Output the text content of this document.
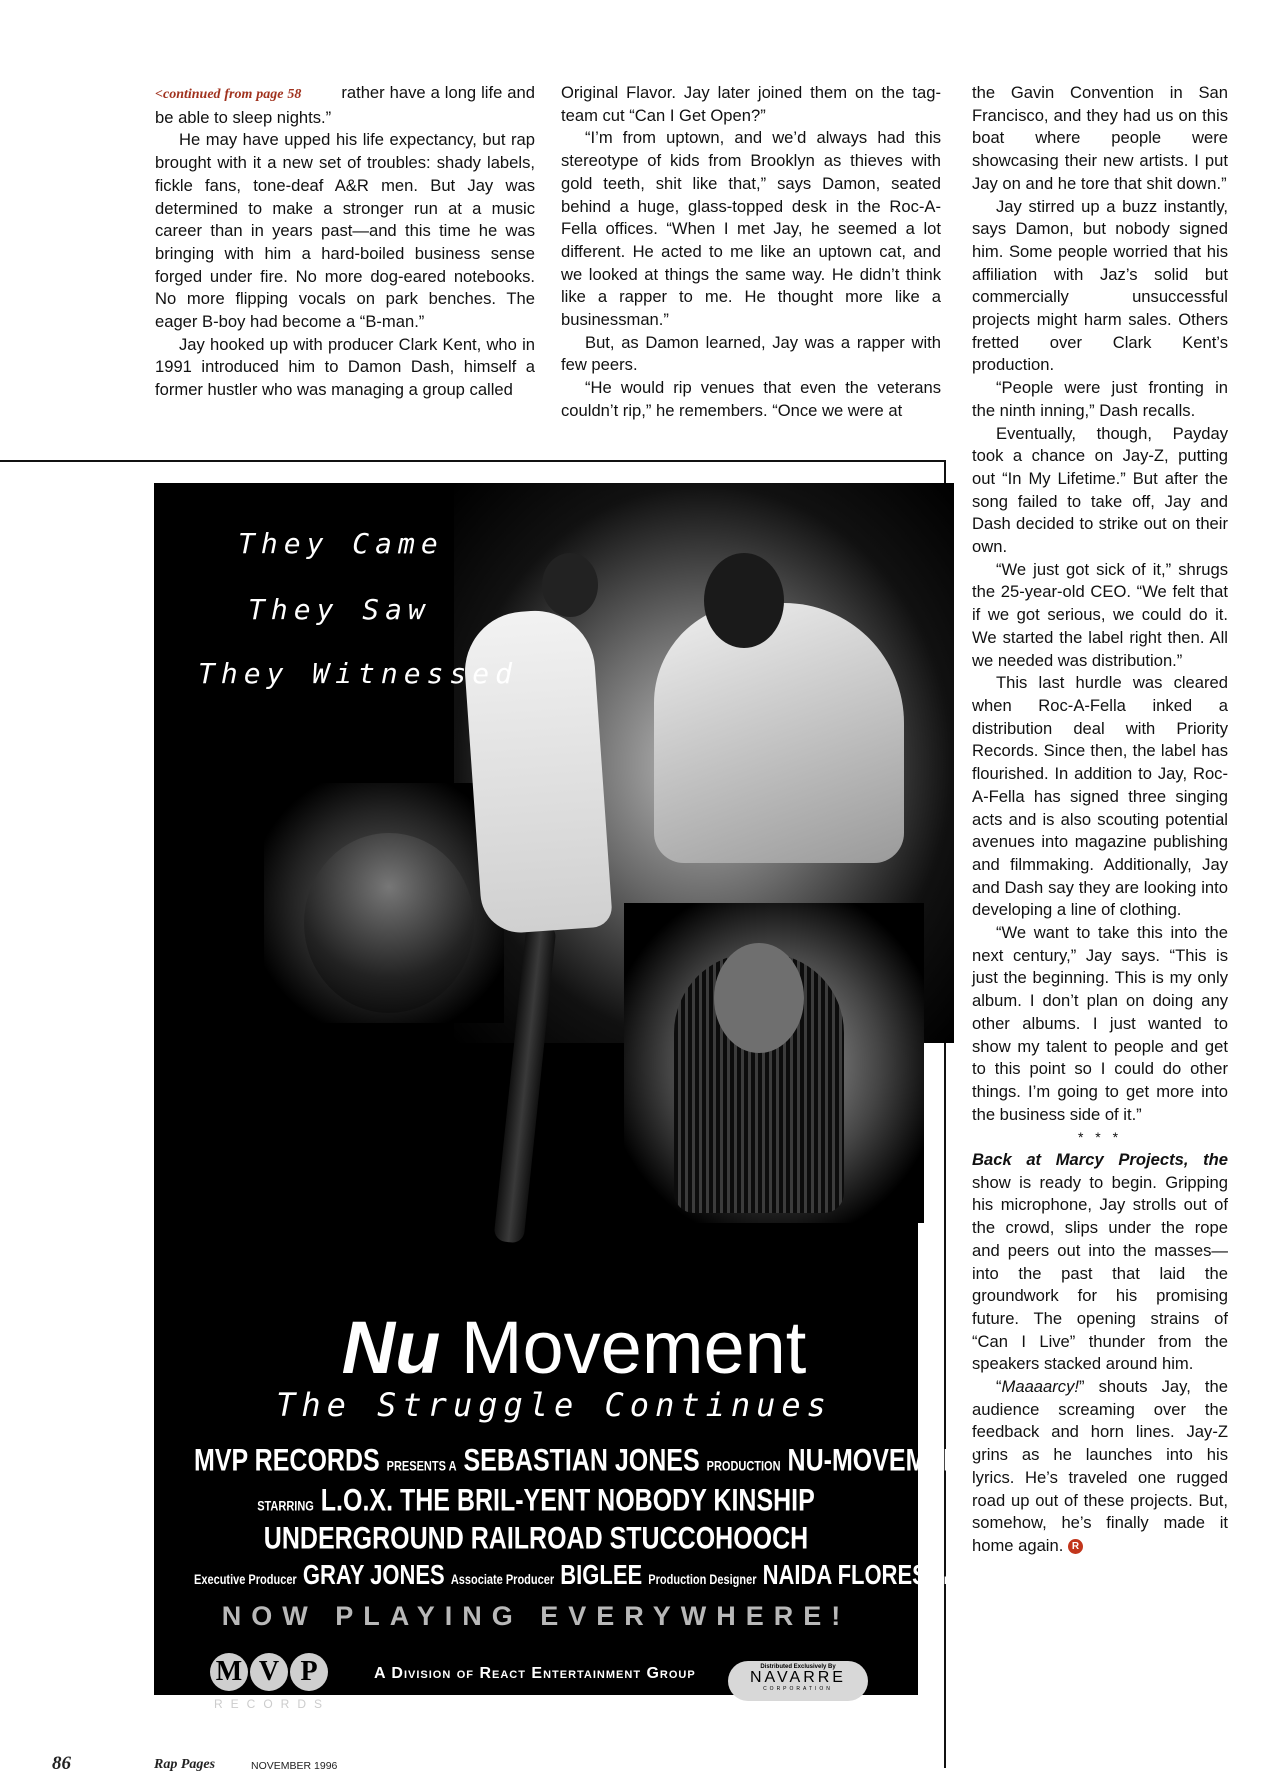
<continued from page 58 rather have a long life and be able to sleep nights.”

He may have upped his life expectancy, but rap brought with it a new set of troubles: shady labels, fickle fans, tone-deaf A&R men. But Jay was determined to make a stronger run at a music career than in years past—and this time he was bringing with him a hard-boiled business sense forged under fire. No more dog-eared notebooks. No more flipping vocals on park benches. The eager B-boy had become a “B-man.”

Jay hooked up with producer Clark Kent, who in 1991 introduced him to Damon Dash, himself a former hustler who was managing a group called

Original Flavor. Jay later joined them on the tag-team cut “Can I Get Open?”

“I’m from uptown, and we’d always had this stereotype of kids from Brooklyn as thieves with gold teeth, shit like that,” says Damon, seated behind a huge, glass-topped desk in the Roc-A-Fella offices. “When I met Jay, he seemed a lot different. He acted to me like an uptown cat, and we looked at things the same way. He didn’t think like a rapper to me. He thought more like a businessman.”

But, as Damon learned, Jay was a rapper with few peers.

“He would rip venues that even the veterans couldn’t rip,” he remembers. “Once we were at

the Gavin Convention in San Francisco, and they had us on this boat where people were showcasing their new artists. I put Jay on and he tore that shit down.”

Jay stirred up a buzz instantly, says Damon, but nobody signed him. Some people worried that his affiliation with Jaz’s solid but commercially unsuccessful projects might harm sales. Others fretted over Clark Kent’s production.

“People were just fronting in the ninth inning,” Dash recalls.

Eventually, though, Payday took a chance on Jay-Z, putting out “In My Lifetime.” But after the song failed to take off, Jay and Dash decided to strike out on their own.

“We just got sick of it,” shrugs the 25-year-old CEO. “We felt that if we got serious, we could do it. We started the label right then. All we needed was distribution.”

This last hurdle was cleared when Roc-A-Fella inked a distribution deal with Priority Records. Since then, the label has flourished. In addition to Jay, Roc-A-Fella has signed three singing acts and is also scouting potential avenues into magazine publishing and filmmaking. Additionally, Jay and Dash say they are looking into developing a line of clothing.

“We want to take this into the next century,” Jay says. “This is just the beginning. This is my only album. I don’t plan on doing any other albums. I just wanted to show my talent to people and get to this point so I could do other things. I’m going to get more into the business side of it.”

* * *

Back at Marcy Projects, the show is ready to begin. Gripping his microphone, Jay strolls out of the crowd, slips under the rope and peers out into the masses—into the past that laid the groundwork for his promising future. The opening strains of “Can I Live” thunder from the speakers stacked around him.

“Maaaarcy!” shouts Jay, the audience screaming over the feedback and horn lines. Jay-Z grins as he launches into his lyrics. He’s traveled one rugged road up out of these projects. But, somehow, he’s finally made it home again. R

They Came
They Saw
They Witnessed
Nu Movement
The Struggle Continues
MVP RECORDS PRESENTS A SEBASTIAN JONES PRODUCTION NU-MOVEMENT
STARRING L.O.X. THE BRIL-YENT NOBODY KINSHIP
UNDERGROUND RAILROAD STUCCOHOOCH
Executive Producer GRAY JONES Associate Producer BIGLEE Production Designer NAIDA FLORES Directed By SEB DA' CELEB'
NOW PLAYING EVERYWHERE!
M V P
RECORDS
A Division of React Entertainment Group	Distributed Exclusively By
NAVARRE
CORPORATION
86	Rap Pages	NOVEMBER 1996
